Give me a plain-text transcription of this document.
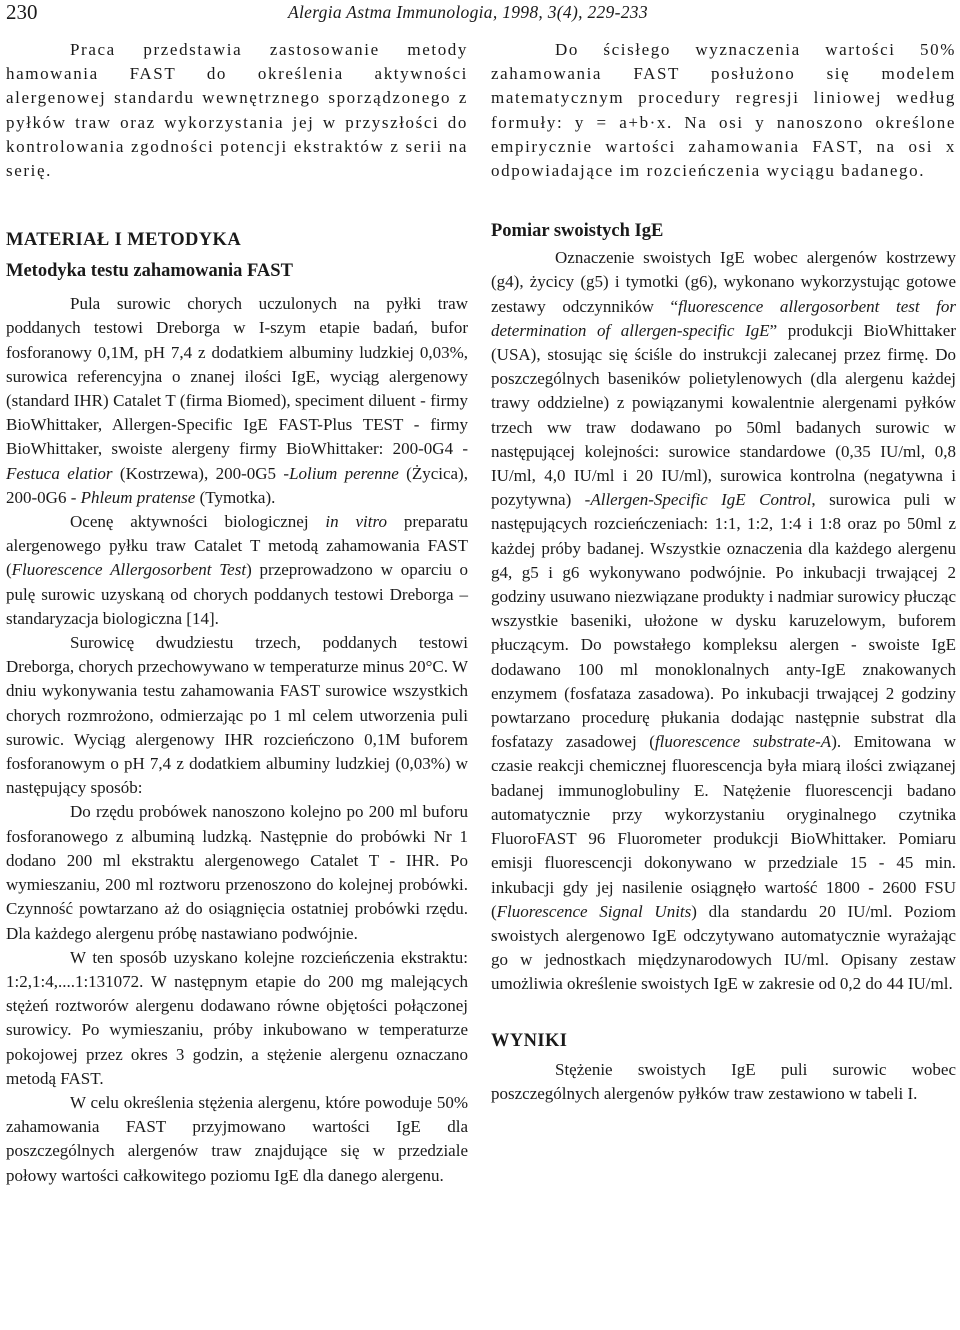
230	Alergia Astma Immunologia, 1998, 3(4), 229-233

Praca przedstawia zastosowanie metody hamowania FAST do określenia aktywności alergenowej standardu wewnętrznego sporządzonego z pyłków traw oraz wykorzystania jej w przyszłości do kontrolowania zgodności potencji ekstraktów z serii na serię.

MATERIAŁ I METODYKA
Metodyka testu zahamowania FAST

Pula surowic chorych uczulonych na pyłki traw poddanych testowi Dreborga w I-szym etapie badań, bufor fosforanowy 0,1M, pH 7,4 z dodatkiem albuminy ludzkiej 0,03%, surowica referencyjna o znanej ilości IgE, wyciąg alergenowy (standard IHR) Catalet T (firma Biomed), speciment diluent - firmy BioWhittaker, Allergen-Specific IgE FAST-Plus TEST - firmy BioWhittaker, swoiste alergeny firmy BioWhittaker: 200-0G4 - Festuca elatior (Kostrzewa), 200-0G5 -Lolium perenne (Życica), 200-0G6 - Phleum pratense (Tymotka).

Ocenę aktywności biologicznej in vitro preparatu alergenowego pyłku traw Catalet T metodą zahamowania FAST (Fluorescence Allergosorbent Test) przeprowadzono w oparciu o pulę surowic uzyskaną od chorych poddanych testowi Dreborga – standaryzacja biologiczna [14].

Surowicę dwudziestu trzech, poddanych testowi Dreborga, chorych przechowywano w temperaturze minus 20°C. W dniu wykonywania testu zahamowania FAST surowice wszystkich chorych rozmrożono, odmierzając po 1 ml celem utworzenia puli surowic. Wyciąg alergenowy IHR rozcieńczono 0,1M buforem fosforanowym o pH 7,4 z dodatkiem albuminy ludzkiej (0,03%) w następujący sposób:

Do rzędu probówek nanoszono kolejno po 200 ml buforu fosforanowego z albuminą ludzką. Następnie do probówki Nr 1 dodano 200 ml ekstraktu alergenowego Catalet T - IHR. Po wymieszaniu, 200 ml roztworu przenoszono do kolejnej probówki. Czynność powtarzano aż do osiągnięcia ostatniej probówki rzędu. Dla każdego alergenu próbę nastawiano podwójnie.

W ten sposób uzyskano kolejne rozcieńczenia ekstraktu: 1:2,1:4,....1:131072. W następnym etapie do 200 mg malejących stężeń roztworów alergenu dodawano równe objętości połączonej surowicy. Po wymieszaniu, próby inkubowano w temperaturze pokojowej przez okres 3 godzin, a stężenie alergenu oznaczano metodą FAST.

W celu określenia stężenia alergenu, które powoduje 50% zahamowania FAST przyjmowano wartości IgE dla poszczególnych alergenów traw znajdujące się w przedziale połowy wartości całkowitego poziomu IgE dla danego alergenu.

Do ścisłego wyznaczenia wartości 50% zahamowania FAST posłużono się modelem matematycznym procedury regresji liniowej według formuły: y = a+b·x. Na osi y nanoszono określone empirycznie wartości zahamowania FAST, na osi x odpowiadające im rozcieńczenia wyciągu badanego.

Pomiar swoistych IgE

Oznaczenie swoistych IgE wobec alergenów kostrzewy (g4), życicy (g5) i tymotki (g6), wykonano wykorzystując gotowe zestawy odczynników “fluorescence allergosorbent test for determination of allergen-specific IgE” produkcji BioWhittaker (USA), stosując się ściśle do instrukcji zalecanej przez firmę. Do poszczególnych baseników polietylenowych (dla alergenu każdej trawy oddzielne) z powiązanymi kowalentnie alergenami pyłków trzech ww traw dodawano po 50ml badanych surowic w następującej kolejności: surowice standardowe (0,35 IU/ml, 0,8 IU/ml, 4,0 IU/ml i 20 IU/ml), surowica kontrolna (negatywna i pozytywna) -Allergen-Specific IgE Control, surowica puli w następujących rozcieńczeniach: 1:1, 1:2, 1:4 i 1:8 oraz po 50ml z każdej próby badanej. Wszystkie oznaczenia dla każdego alergenu g4, g5 i g6 wykonywano podwójnie. Po inkubacji trwającej 2 godziny usuwano niezwiązane produkty i nadmiar surowicy płucząc wszystkie baseniki, ułożone w dysku karuzelowym, buforem płuczącym. Do powstałego kompleksu alergen - swoiste IgE dodawano 100 ml monoklonalnych anty-IgE znakowanych enzymem (fosfataza zasadowa). Po inkubacji trwającej 2 godziny powtarzano procedurę płukania dodając następnie substrat dla fosfatazy zasadowej (fluorescence substrate-A). Emitowana w czasie reakcji chemicznej fluorescencja była miarą ilości związanej badanej immunoglobuliny E. Natężenie fluorescencji badano automatycznie przy wykorzystaniu oryginalnego czytnika FluoroFAST 96 Fluorometer produkcji BioWhittaker. Pomiaru emisji fluorescencji dokonywano w przedziale 15 - 45 min. inkubacji gdy jej nasilenie osiągnęło wartość 1800 - 2600 FSU (Fluorescence Signal Units) dla standardu 20 IU/ml. Poziom swoistych alergenowo IgE odczytywano automatycznie wyrażając go w jednostkach międzynarodowych IU/ml. Opisany zestaw umożliwia określenie swoistych IgE w zakresie od 0,2 do 44 IU/ml.

WYNIKI

Stężenie swoistych IgE puli surowic wobec poszczególnych alergenów pyłków traw zestawiono w tabeli I.
